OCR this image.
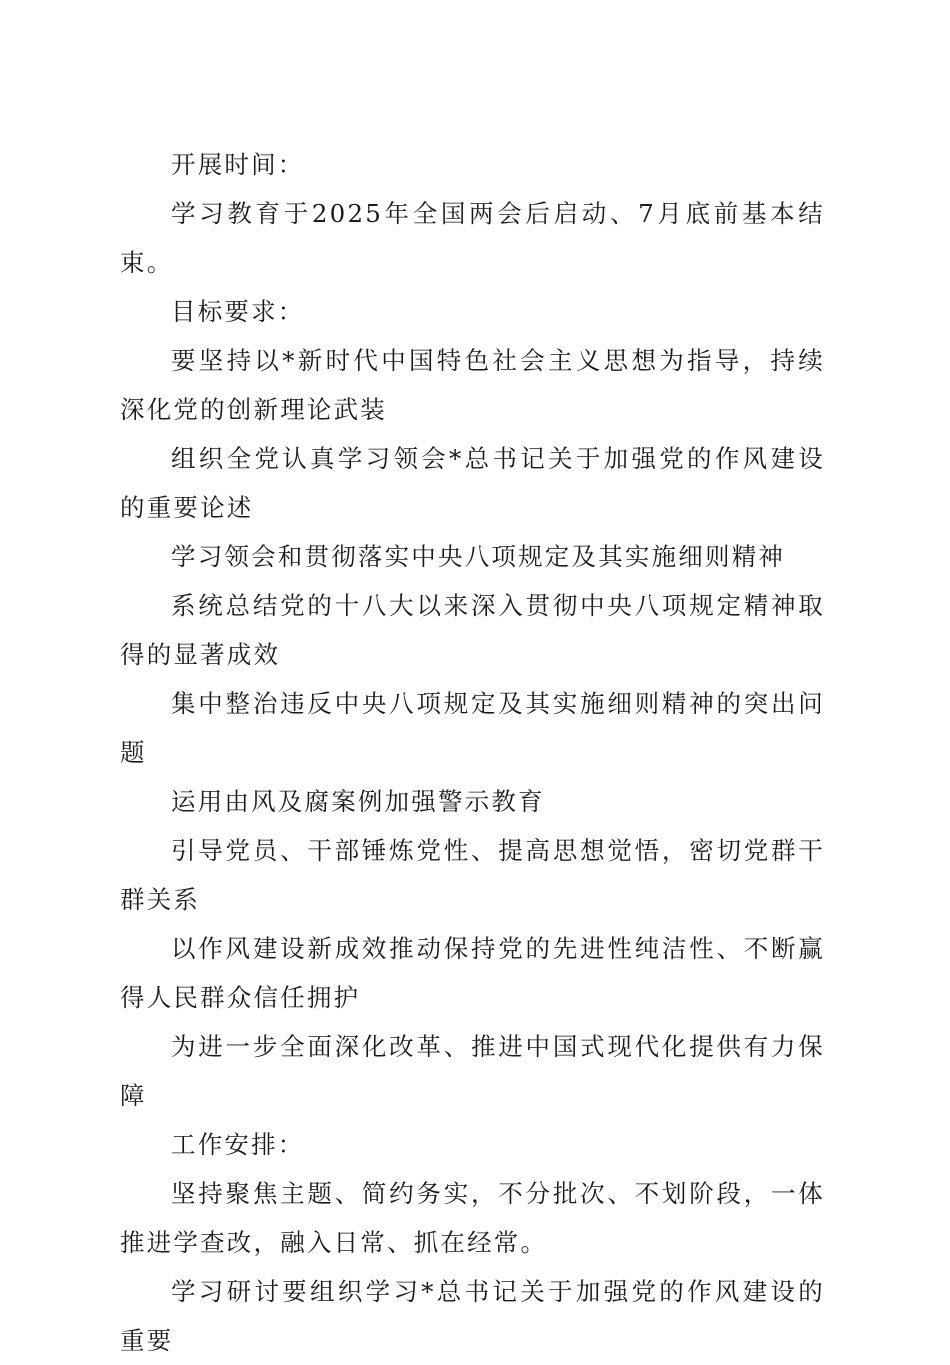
开展时间：

学习教育于2025年全国两会后启动、7月底前基本结束。

目标要求：

要坚持以*新时代中国特色社会主义思想为指导，持续深化党的创新理论武装

组织全党认真学习领会*总书记关于加强党的作风建设的重要论述

学习领会和贯彻落实中央八项规定及其实施细则精神

系统总结党的十八大以来深入贯彻中央八项规定精神取得的显著成效

集中整治违反中央八项规定及其实施细则精神的突出问题

运用由风及腐案例加强警示教育

引导党员、干部锤炼党性、提高思想觉悟，密切党群干群关系

以作风建设新成效推动保持党的先进性纯洁性、不断赢得人民群众信任拥护

为进一步全面深化改革、推进中国式现代化提供有力保障

工作安排：

坚持聚焦主题、简约务实，不分批次、不划阶段，一体推进学查改，融入日常、抓在经常。

学习研讨要组织学习*总书记关于加强党的作风建设的重要
